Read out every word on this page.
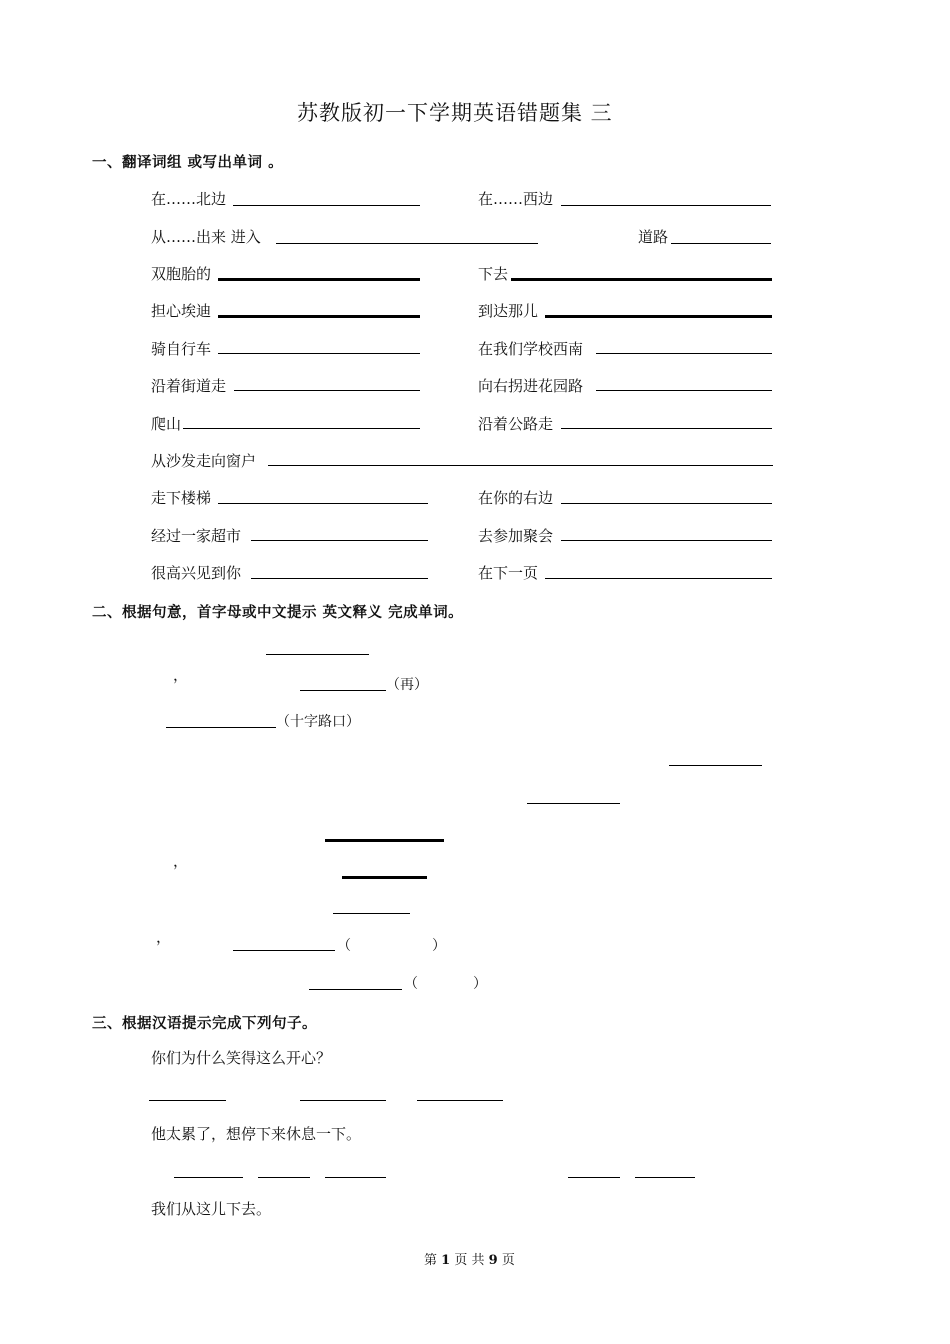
苏教版初一下学期英语错题集 三
一、翻译词组 或写出单词 。
在……北边	在……西边
从……出来 进入	道路
双胞胎的	下去
担心埃迪	到达那儿
骑自行车	在我们学校西南
沿着街道走	向右拐进花园路
爬山	沿着公路走
从沙发走向窗户
走下楼梯	在你的右边
经过一家超市	去参加聚会
很高兴见到你	在下一页
二、根据句意，首字母或中文提示 英文释义 完成单词。
，
（再）
（十字路口）
，
，	（	）
（	）
三、根据汉语提示完成下列句子。
你们为什么笑得这么开心？
他太累了，想停下来休息一下。
我们从这儿下去。
第 1 页 共 9 页
